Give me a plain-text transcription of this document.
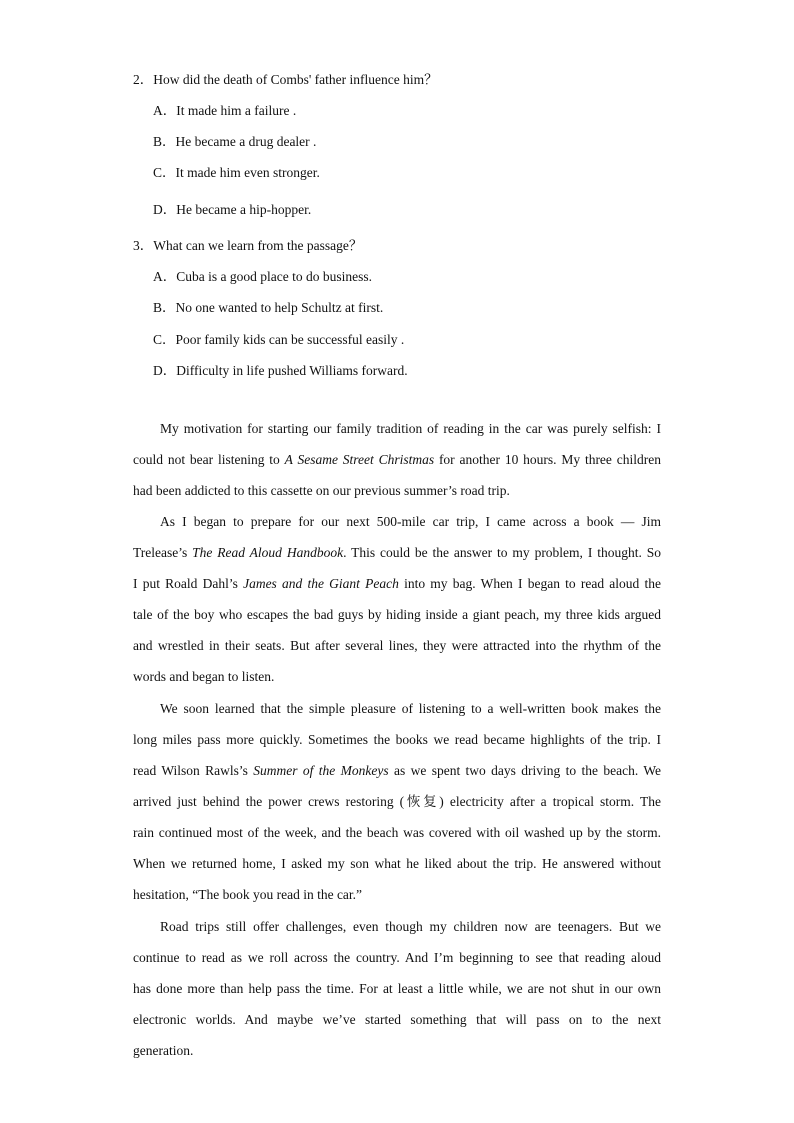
2．How did the death of Combs' father influence him？
A．It made him a failure .
B．He became a drug dealer .
C．It made him even stronger.
D．He became a hip-hopper.
3．What can we learn from the passage？
A．Cuba is a good place to do business.
B．No one wanted to help Schultz at first.
C．Poor family kids can be successful easily .
D．Difficulty in life pushed Williams forward.
My motivation for starting our family tradition of reading in the car was purely selfish: I
could not bear listening to A Sesame Street Christmas for another 10 hours. My three children
had been addicted to this cassette on our previous summer’s road trip.
As I began to prepare for our next 500-mile car trip, I came across a book — Jim
Trelease’s The Read Aloud Handbook. This could be the answer to my problem, I thought. So
I put Roald Dahl’s James and the Giant Peach into my bag. When I began to read aloud the
tale of the boy who escapes the bad guys by hiding inside a giant peach, my three kids argued
and wrestled in their seats. But after several lines, they were attracted into the rhythm of the
words and began to listen.
We soon learned that the simple pleasure of listening to a well-written book makes the
long miles pass more quickly. Sometimes the books we read became highlights of the trip. I
read Wilson Rawls’s Summer of the Monkeys as we spent two days driving to the beach. We
arrived just behind the power crews restoring (恢复) electricity after a tropical storm. The
rain continued most of the week, and the beach was covered with oil washed up by the storm.
When we returned home, I asked my son what he liked about the trip. He answered without
hesitation, “The book you read in the car.”
Road trips still offer challenges, even though my children now are teenagers. But we
continue to read as we roll across the country. And I’m beginning to see that reading aloud
has done more than help pass the time. For at least a little while, we are not shut in our own
electronic worlds. And maybe we’ve started something that will pass on to the next
generation.
